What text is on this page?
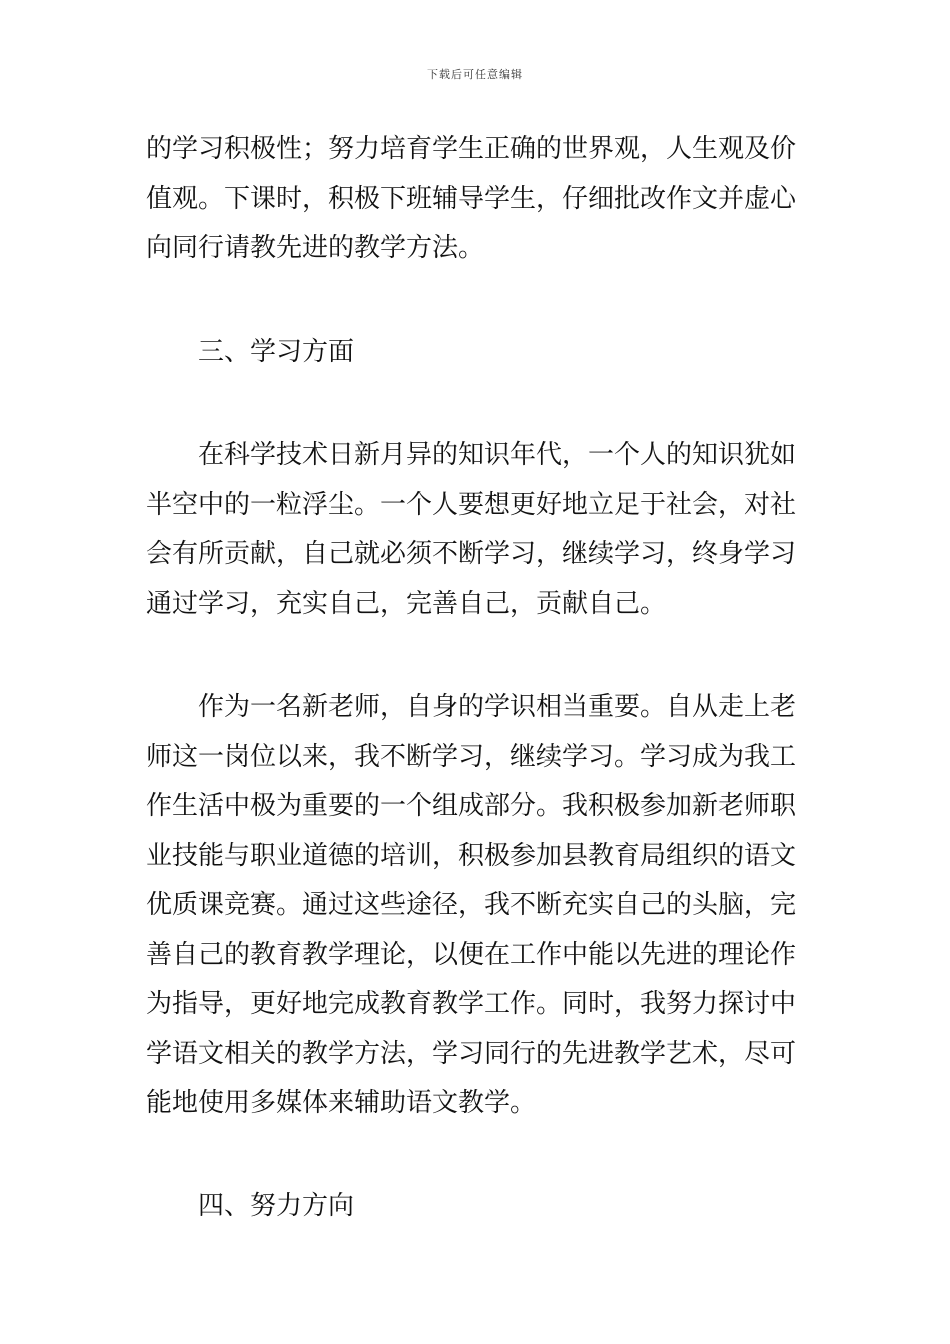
下载后可任意编辑
的学习积极性；努力培育学生正确的世界观，人生观及价
值观。下课时，积极下班辅导学生，仔细批改作文并虚心
向同行请教先进的教学方法。
三、学习方面
在科学技术日新月异的知识年代，一个人的知识犹如
半空中的一粒浮尘。一个人要想更好地立足于社会，对社
会有所贡献，自己就必须不断学习，继续学习，终身学习
通过学习，充实自己，完善自己，贡献自己。
作为一名新老师，自身的学识相当重要。自从走上老
师这一岗位以来，我不断学习，继续学习。学习成为我工
作生活中极为重要的一个组成部分。我积极参加新老师职
业技能与职业道德的培训，积极参加县教育局组织的语文
优质课竞赛。通过这些途径，我不断充实自己的头脑，完
善自己的教育教学理论，以便在工作中能以先进的理论作
为指导，更好地完成教育教学工作。同时，我努力探讨中
学语文相关的教学方法，学习同行的先进教学艺术，尽可
能地使用多媒体来辅助语文教学。
四、努力方向
